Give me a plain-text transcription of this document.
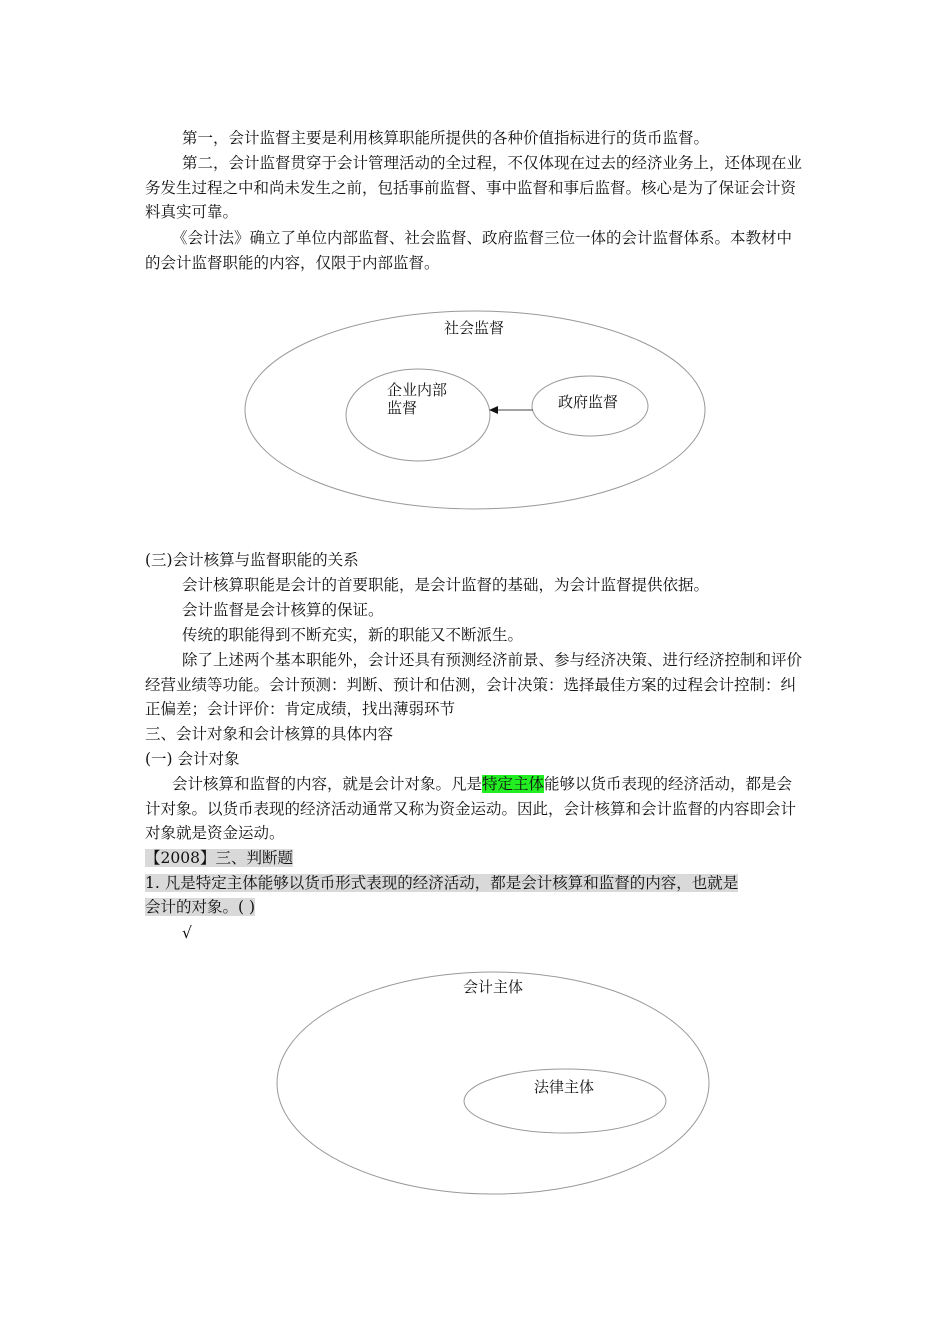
第一，会计监督主要是利用核算职能所提供的各种价值指标进行的货币监督。

第二，会计监督贯穿于会计管理活动的全过程，不仅体现在过去的经济业务上，还体现在业务发生过程之中和尚未发生之前，包括事前监督、事中监督和事后监督。核心是为了保证会计资料真实可靠。

《会计法》确立了单位内部监督、社会监督、政府监督三位一体的会计监督体系。本教材中的会计监督职能的内容，仅限于内部监督。

社会监督
企业内部
监督	政府监督

(三)会计核算与监督职能的关系

会计核算职能是会计的首要职能，是会计监督的基础，为会计监督提供依据。

会计监督是会计核算的保证。

传统的职能得到不断充实，新的职能又不断派生。

除了上述两个基本职能外，会计还具有预测经济前景、参与经济决策、进行经济控制和评价经营业绩等功能。会计预测：判断、预计和估测，会计决策：选择最佳方案的过程会计控制：纠正偏差；会计评价：肯定成绩，找出薄弱环节

三、会计对象和会计核算的具体内容

(一) 会计对象

会计核算和监督的内容，就是会计对象。凡是特定主体能够以货币表现的经济活动，都是会计对象。以货币表现的经济活动通常又称为资金运动。因此，会计核算和会计监督的内容即会计对象就是资金运动。

【2008】三、判断题
1. 凡是特定主体能够以货币形式表现的经济活动，都是会计核算和监督的内容，也就是
会计的对象。( )

√

会计主体
法律主体
